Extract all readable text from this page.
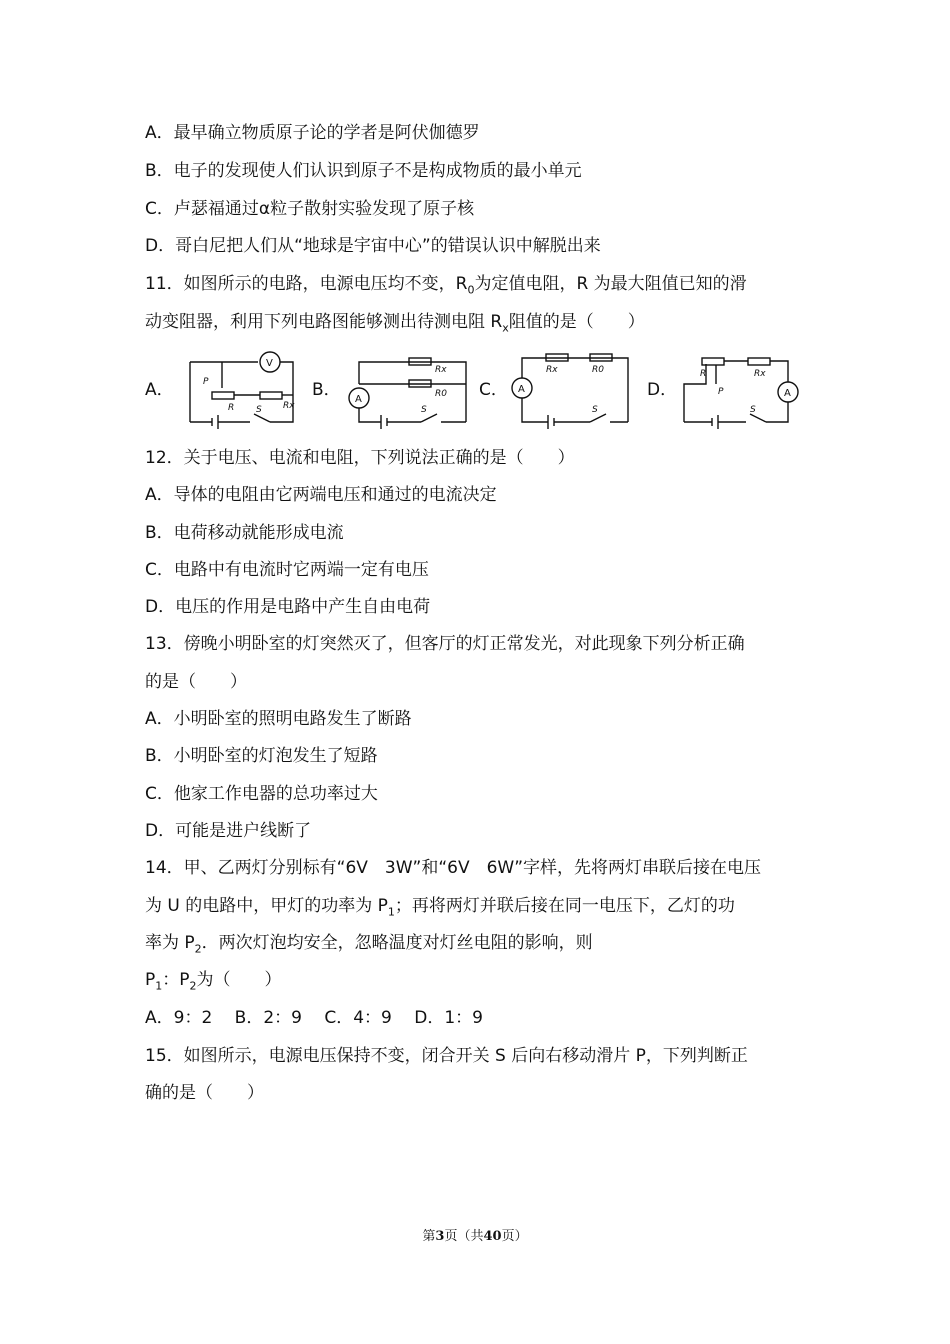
A．最早确立物质原子论的学者是阿伏伽德罗
B．电子的发现使人们认识到原子不是构成物质的最小单元
C．卢瑟福通过α粒子散射实验发现了原子核
D．哥白尼把人们从“地球是宇宙中心”的错误认识中解脱出来
11．如图所示的电路，电源电压均不变，$R_0$为定值电阻，R 为最大阻值已知的滑
动变阻器，利用下列电路图能够测出待测电阻 $R_x$阻值的是（　　）
A．
V
P
R	Rx
S
B．
Rx
R0
A
S
C．
Rx	R0
A
S
D．
R	Rx
P	A
S
12．关于电压、电流和电阻，下列说法正确的是（　　）
A．导体的电阻由它两端电压和通过的电流决定
B．电荷移动就能形成电流
C．电路中有电流时它两端一定有电压
D．电压的作用是电路中产生自由电荷
13．傍晚小明卧室的灯突然灭了，但客厅的灯正常发光，对此现象下列分析正确
的是（　　）
A．小明卧室的照明电路发生了断路
B．小明卧室的灯泡发生了短路
C．他家工作电器的总功率过大
D．可能是进户线断了
14．甲、乙两灯分别标有“6V　3W”和“6V　6W”字样，先将两灯串联后接在电压
为 U 的电路中，甲灯的功率为 $P_1$；再将两灯并联后接在同一电压下，乙灯的功
率为 $P_2$．两次灯泡均安全，忽略温度对灯丝电阻的影响，则
$P_1$：$P_2$为（　　）
A．9：2　 B．2：9　 C．4：9　 D．1：9
15．如图所示，电源电压保持不变，闭合开关 S 后向右移动滑片 P，下列判断正
确的是（　　）
第3页（共40页）
